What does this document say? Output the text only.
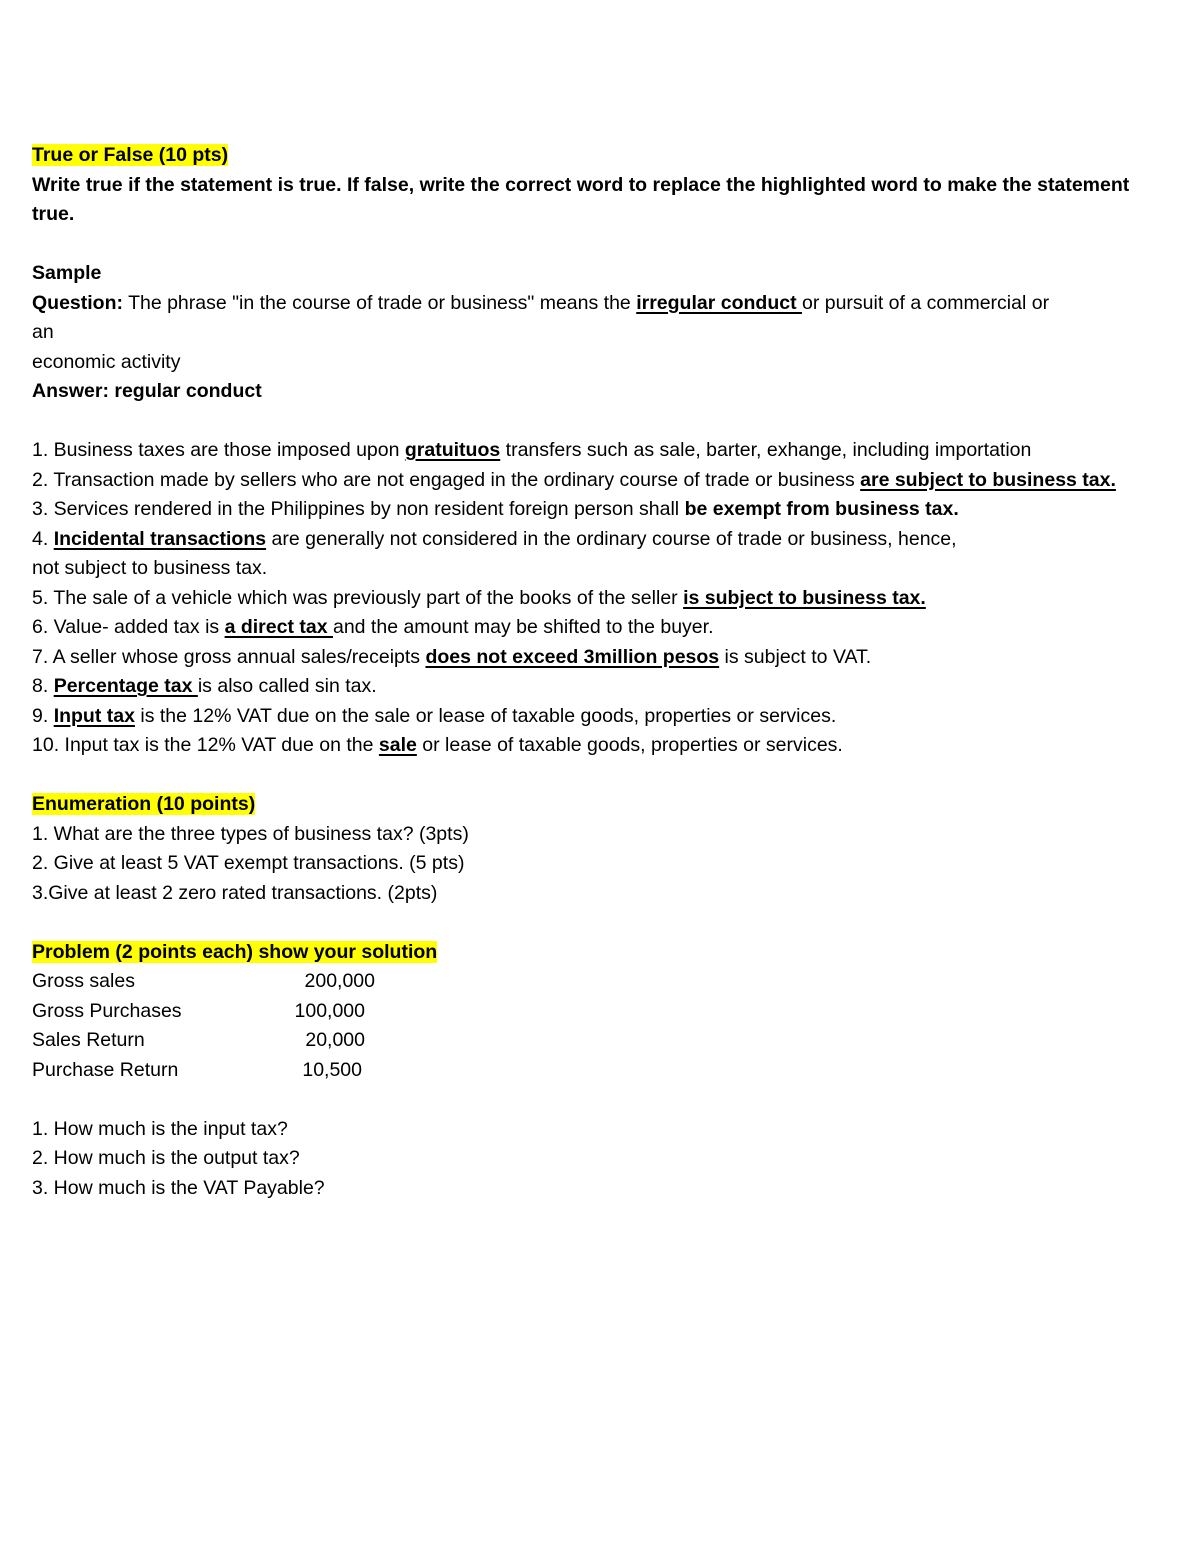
True or False (10 pts)
Write true if the statement is true. If false, write the correct word to replace the highlighted word to make the statement true.
Sample
Question: The phrase "in the course of trade or business" means the irregular conduct or pursuit of a commercial or
an
economic activity
Answer: regular conduct
1. Business taxes are those imposed upon gratuituos transfers such as sale, barter, exhange, including importation
2. Transaction made by sellers who are not engaged in the ordinary course of trade or business are subject to business tax.
3. Services rendered in the Philippines by non resident foreign person shall be exempt from business tax.
4. Incidental transactions are generally not considered in the ordinary course of trade or business, hence,
not subject to business tax.
5. The sale of a vehicle which was previously part of the books of the seller is subject to business tax.
6. Value- added tax is a direct tax and the amount may be shifted to the buyer.
7. A seller whose gross annual sales/receipts does not exceed 3million pesos is subject to VAT.
8. Percentage tax is also called sin tax.
9. Input tax is the 12% VAT due on the sale or lease of taxable goods, properties or services.
10. Input tax is the 12% VAT due on the sale or lease of taxable goods, properties or services.
Enumeration (10 points)
1. What are the three types of business tax? (3pts)
2. Give at least 5 VAT exempt transactions. (5 pts)
3.Give at least 2 zero rated transactions. (2pts)
Problem (2 points each) show your solution
Gross sales	200,000
Gross Purchases	100,000
Sales Return	20,000
Purchase Return	10,500
1. How much is the input tax?
2. How much is the output tax?
3. How much is the VAT Payable?
